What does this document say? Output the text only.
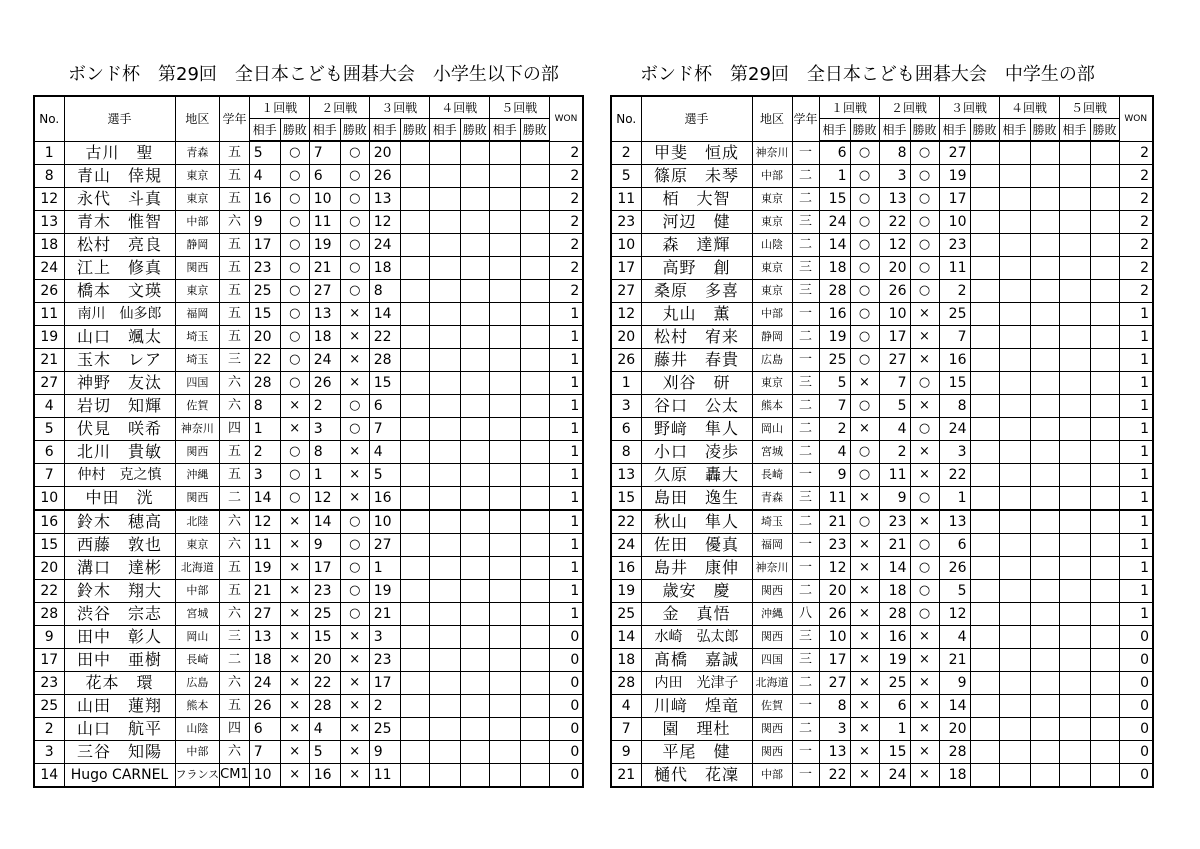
ボンド杯　第29回　全日本こども囲碁大会　小学生以下の部	ボンド杯　第29回　全日本こども囲碁大会　中学生の部
No.	選手	地区	学年	１回戦		２回戦		３回戦		４回戦		５回戦		WON
				相手	勝敗	相手	勝敗	相手	勝敗	相手	勝敗	相手	勝敗	
1	古川　聖	青森	五	5	○	7	○	20						2
8	青山　倖規	東京	五	4	○	6	○	26						2
12	永代　斗真	東京	五	16	○	10	○	13						2
13	青木　惟智	中部	六	9	○	11	○	12						2
18	松村　亮良	静岡	五	17	○	19	○	24						2
24	江上　修真	関西	五	23	○	21	○	18						2
26	橋本　文瑛	東京	五	25	○	27	○	8						2
11	南川　仙多郎	福岡	五	15	○	13	×	14						1
19	山口　颯太	埼玉	五	20	○	18	×	22						1
21	玉木　レア	埼玉	三	22	○	24	×	28						1
27	神野　友汰	四国	六	28	○	26	×	15						1
4	岩切　知輝	佐賀	六	8	×	2	○	6						1
5	伏見　咲希	神奈川	四	1	×	3	○	7						1
6	北川　貴敏	関西	五	2	○	8	×	4						1
7	仲村　克之慎	沖縄	五	3	○	1	×	5						1
10	中田　洸	関西	二	14	○	12	×	16						1
16	鈴木　穂高	北陸	六	12	×	14	○	10						1
15	西藤　敦也	東京	六	11	×	9	○	27						1
20	溝口　達彬	北海道	五	19	×	17	○	1						1
22	鈴木　翔大	中部	五	21	×	23	○	19						1
28	渋谷　宗志	宮城	六	27	×	25	○	21						1
9	田中　彰人	岡山	三	13	×	15	×	3						0
17	田中　亜樹	長崎	二	18	×	20	×	23						0
23	花本　環	広島	六	24	×	22	×	17						0
25	山田　蓮翔	熊本	五	26	×	28	×	2						0
2	山口　航平	山陰	四	6	×	4	×	25						0
3	三谷　知陽	中部	六	7	×	5	×	9						0
14	Hugo CARNEL	フランス	CM1	10	×	16	×	11						0
No.	選手	地区	学年	１回戦		２回戦		３回戦		４回戦		５回戦		WON
				相手	勝敗	相手	勝敗	相手	勝敗	相手	勝敗	相手	勝敗	
2	甲斐　恒成	神奈川	一	6	○	8	○	27						2
5	篠原　未琴	中部	二	1	○	3	○	19						2
11	栢　大智	東京	二	15	○	13	○	17						2
23	河辺　健	東京	三	24	○	22	○	10						2
10	森　達輝	山陰	二	14	○	12	○	23						2
17	高野　創	東京	三	18	○	20	○	11						2
27	桑原　多喜	東京	三	28	○	26	○	2						2
12	丸山　薫	中部	一	16	○	10	×	25						1
20	松村　宥来	静岡	二	19	○	17	×	7						1
26	藤井　春貴	広島	一	25	○	27	×	16						1
1	刈谷　研	東京	三	5	×	7	○	15						1
3	谷口　公太	熊本	二	7	○	5	×	8						1
6	野﨑　隼人	岡山	二	2	×	4	○	24						1
8	小口　凌歩	宮城	二	4	○	2	×	3						1
13	久原　轟大	長崎	一	9	○	11	×	22						1
15	島田　逸生	青森	三	11	×	9	○	1						1
22	秋山　隼人	埼玉	二	21	○	23	×	13						1
24	佐田　優真	福岡	一	23	×	21	○	6						1
16	島井　康伸	神奈川	一	12	×	14	○	26						1
19	歳安　慶	関西	二	20	×	18	○	5						1
25	金　真悟	沖縄	八	26	×	28	○	12						1
14	水崎　弘太郎	関西	三	10	×	16	×	4						0
18	髙橋　嘉誠	四国	三	17	×	19	×	21						0
28	内田　光津子	北海道	二	27	×	25	×	9						0
4	川﨑　煌竜	佐賀	一	8	×	6	×	14						0
7	園　理杜	関西	二	3	×	1	×	20						0
9	平尾　健	関西	一	13	×	15	×	28						0
21	樋代　花凜	中部	一	22	×	24	×	18						0
